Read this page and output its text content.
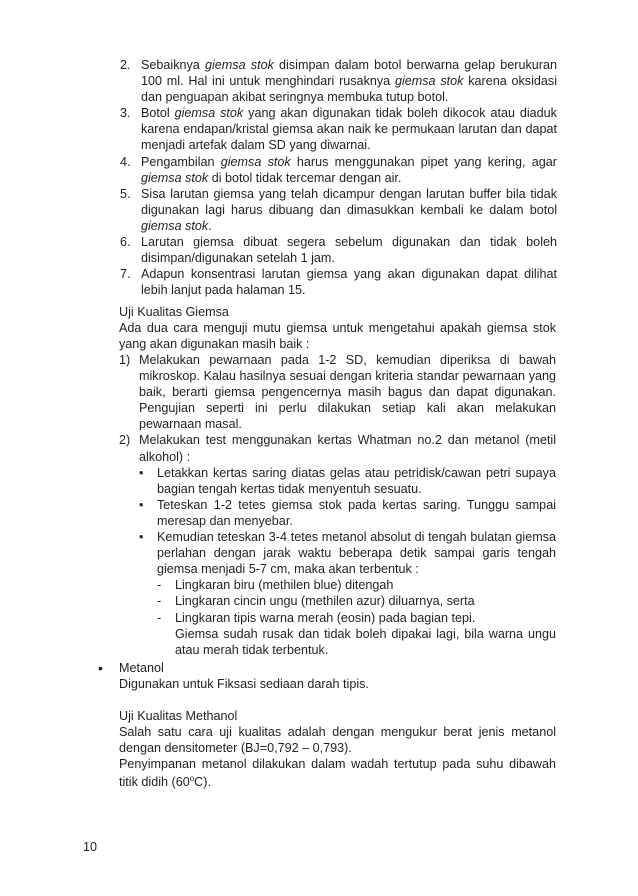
2. Sebaiknya giemsa stok disimpan dalam botol berwarna gelap berukuran 100 ml. Hal ini untuk menghindari rusaknya giemsa stok karena oksidasi dan penguapan akibat seringnya membuka tutup botol.
3. Botol giemsa stok yang akan digunakan tidak boleh dikocok atau diaduk karena endapan/kristal giemsa akan naik ke permukaan larutan dan dapat menjadi artefak dalam SD yang diwarnai.
4. Pengambilan giemsa stok harus menggunakan pipet yang kering, agar giemsa stok di botol tidak tercemar dengan air.
5. Sisa larutan giemsa yang telah dicampur dengan larutan buffer bila tidak digunakan lagi harus dibuang dan dimasukkan kembali ke dalam botol giemsa stok.
6. Larutan giemsa dibuat segera sebelum digunakan dan tidak boleh disimpan/digunakan setelah 1 jam.
7. Adapun konsentrasi larutan giemsa yang akan digunakan dapat dilihat lebih lanjut pada halaman 15.
Uji Kualitas Giemsa
Ada dua cara menguji mutu giemsa untuk mengetahui apakah giemsa stok yang akan digunakan masih baik :
1) Melakukan pewarnaan pada 1-2 SD, kemudian diperiksa di bawah mikroskop. Kalau hasilnya sesuai dengan kriteria standar pewarnaan yang baik, berarti giemsa pengencernya masih bagus dan dapat digunakan. Pengujian seperti ini perlu dilakukan setiap kali akan melakukan pewarnaan masal.
2) Melakukan test menggunakan kertas Whatman no.2 dan metanol (metil alkohol) :
• Letakkan kertas saring diatas gelas atau petridisk/cawan petri supaya bagian tengah kertas tidak menyentuh sesuatu.
• Teteskan 1-2 tetes giemsa stok pada kertas saring. Tunggu sampai meresap dan menyebar.
• Kemudian teteskan 3-4 tetes metanol absolut di tengah bulatan giemsa perlahan dengan jarak waktu beberapa detik sampai garis tengah giemsa menjadi 5-7 cm, maka akan terbentuk :
- Lingkaran biru (methilen blue) ditengah
- Lingkaran cincin ungu (methilen azur) diluarnya, serta
- Lingkaran tipis warna merah (eosin) pada bagian tepi.
Giemsa sudah rusak dan tidak boleh dipakai lagi, bila warna ungu atau merah tidak terbentuk.
• Metanol
Digunakan untuk Fiksasi sediaan darah tipis.
Uji Kualitas Methanol
Salah satu cara uji kualitas adalah dengan mengukur berat jenis metanol dengan densitometer (BJ=0,792 – 0,793).
Penyimpanan metanol dilakukan dalam wadah tertutup pada suhu dibawah titik didih (60$^o$C).
10
